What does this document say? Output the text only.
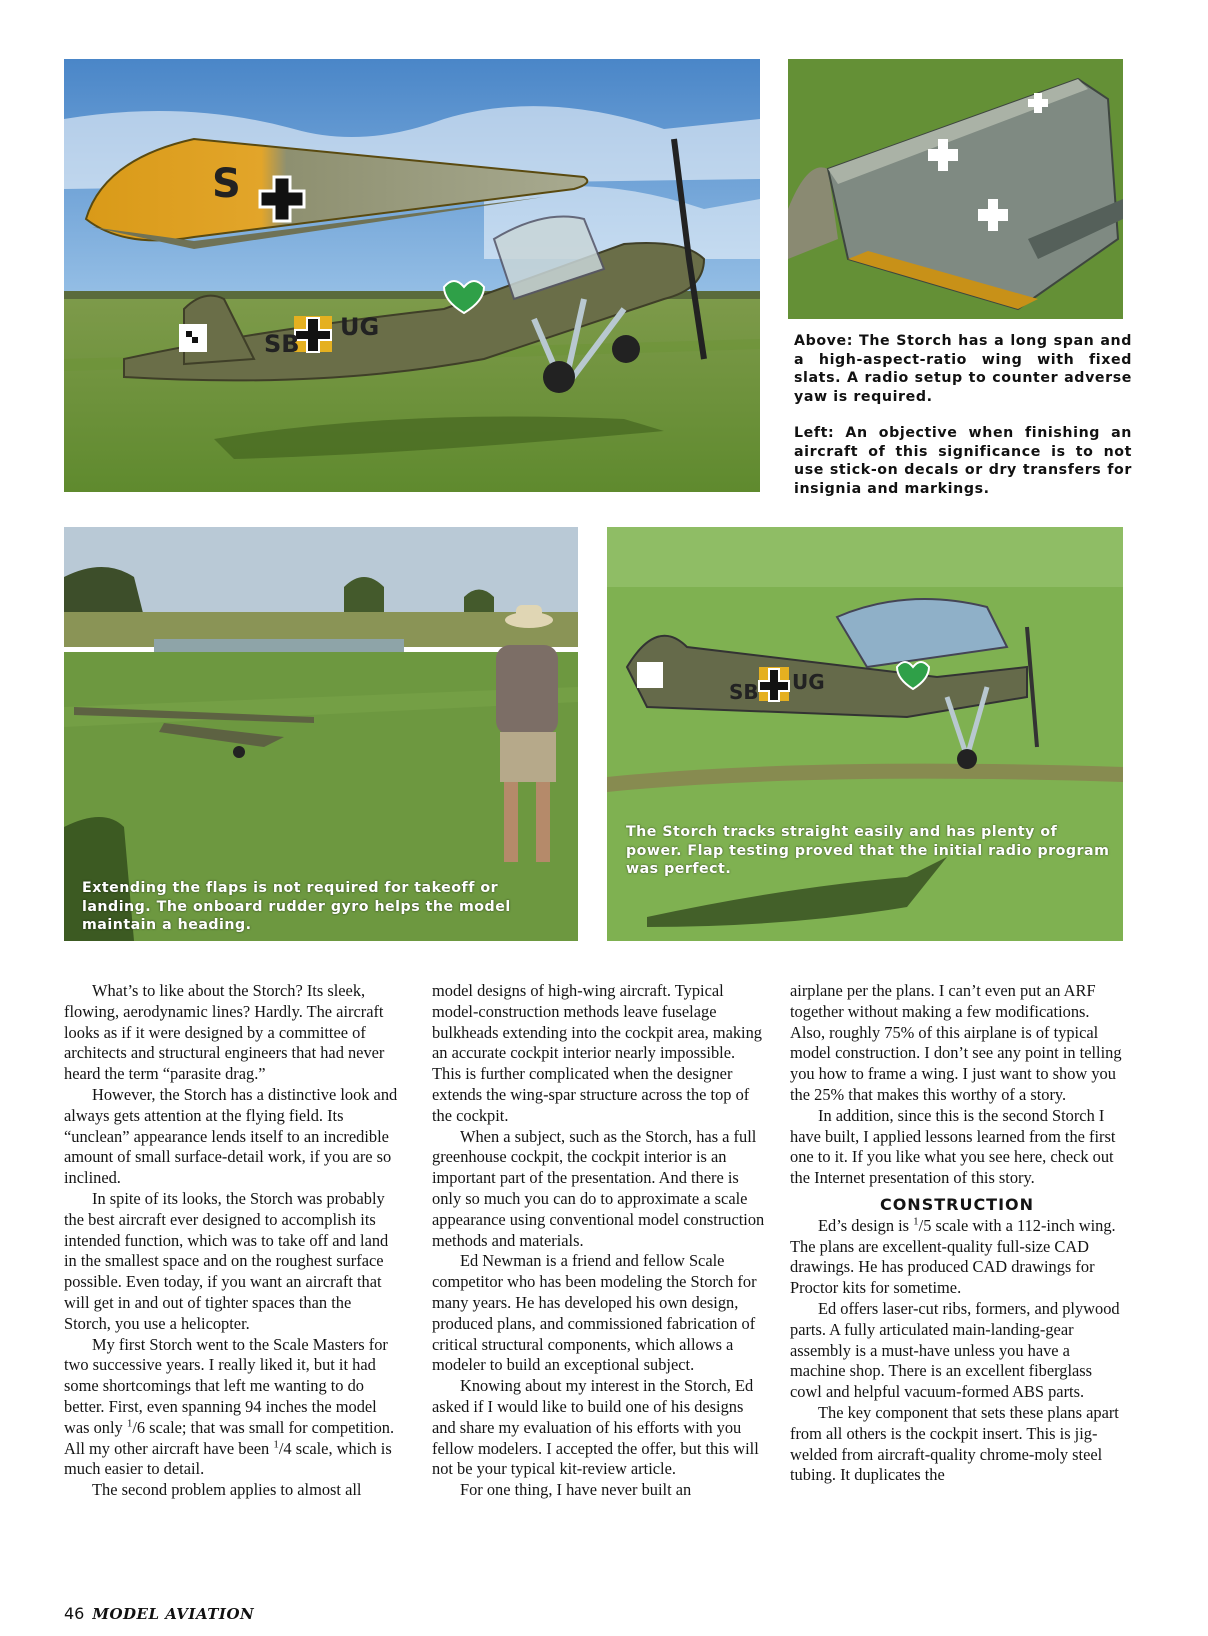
S
SB
UG	Above: The Storch has a long span and a high-aspect-ratio wing with fixed slats. A radio setup to counter adverse yaw is required.

Left: An objective when finishing an aircraft of this significance is to not use stick-on decals or dry transfers for insignia and markings.

Extending the flaps is not required for takeoff or landing. The onboard rudder gyro helps the model maintain a heading.
SB UG
The Storch tracks straight easily and has plenty of power. Flap testing proved that the initial radio program was perfect.

What’s to like about the Storch? Its sleek, flowing, aerodynamic lines? Hardly. The aircraft looks as if it were designed by a committee of architects and structural engineers that had never heard the term “parasite drag.”

However, the Storch has a distinctive look and always gets attention at the flying field. Its “unclean” appearance lends itself to an incredible amount of small surface-detail work, if you are so inclined.

In spite of its looks, the Storch was probably the best aircraft ever designed to accomplish its intended function, which was to take off and land in the smallest space and on the roughest surface possible. Even today, if you want an aircraft that will get in and out of tighter spaces than the Storch, you use a helicopter.

My first Storch went to the Scale Masters for two successive years. I really liked it, but it had some shortcomings that left me wanting to do better. First, even spanning 94 inches the model was only $^1$/6 scale; that was small for competition. All my other aircraft have been $^1$/4 scale, which is much easier to detail.

The second problem applies to almost all

model designs of high-wing aircraft. Typical model-construction methods leave fuselage bulkheads extending into the cockpit area, making an accurate cockpit interior nearly impossible. This is further complicated when the designer extends the wing-spar structure across the top of the cockpit.

When a subject, such as the Storch, has a full greenhouse cockpit, the cockpit interior is an important part of the presentation. And there is only so much you can do to approximate a scale appearance using conventional model construction methods and materials.

Ed Newman is a friend and fellow Scale competitor who has been modeling the Storch for many years. He has developed his own design, produced plans, and commissioned fabrication of critical structural components, which allows a modeler to build an exceptional subject.

Knowing about my interest in the Storch, Ed asked if I would like to build one of his designs and share my evaluation of his efforts with you fellow modelers. I accepted the offer, but this will not be your typical kit-review article.

For one thing, I have never built an

airplane per the plans. I can’t even put an ARF together without making a few modifications. Also, roughly 75% of this airplane is of typical model construction. I don’t see any point in telling you how to frame a wing. I just want to show you the 25% that makes this worthy of a story.

In addition, since this is the second Storch I have built, I applied lessons learned from the first one to it. If you like what you see here, check out the Internet presentation of this story.

CONSTRUCTION

Ed’s design is $^1$/5 scale with a 112-inch wing. The plans are excellent-quality full-size CAD drawings. He has produced CAD drawings for Proctor kits for sometime.

Ed offers laser-cut ribs, formers, and plywood parts. A fully articulated main-landing-gear assembly is a must-have unless you have a machine shop. There is an excellent fiberglass cowl and helpful vacuum-formed ABS parts.

The key component that sets these plans apart from all others is the cockpit insert. This is jig-welded from aircraft-quality chrome-moly steel tubing. It duplicates the

46 MODEL AVIATION
